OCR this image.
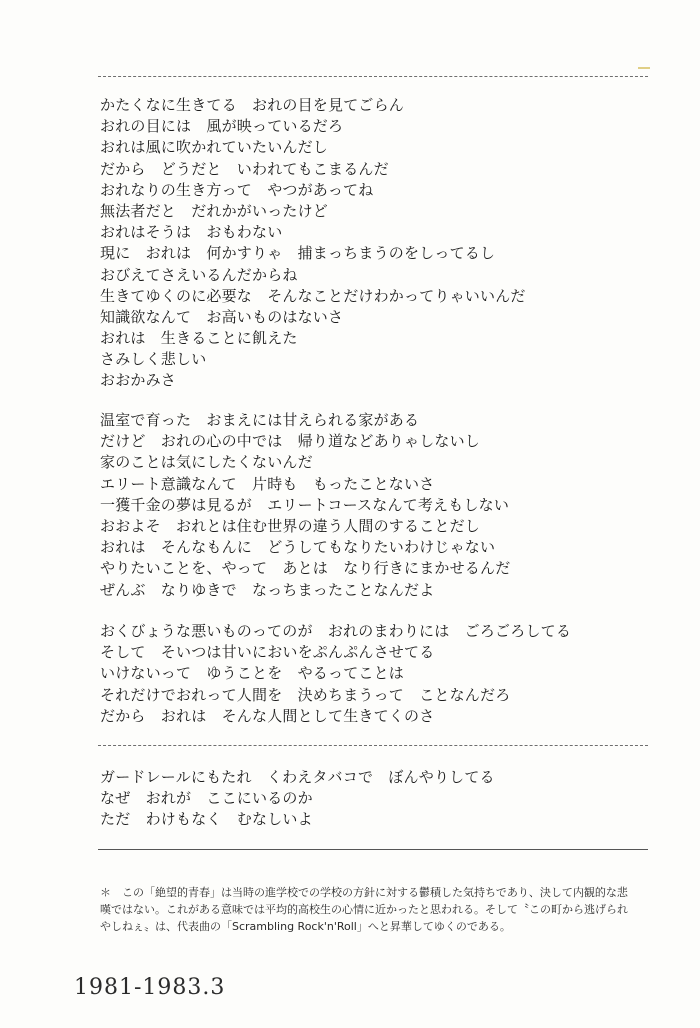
かたくなに生きてる　おれの目を見てごらん
おれの目には　風が映っているだろ
おれは風に吹かれていたいんだし
だから　どうだと　いわれてもこまるんだ
おれなりの生き方って　やつがあってね
無法者だと　だれかがいったけど
おれはそうは　おもわない
現に　おれは　何かすりゃ　捕まっちまうのをしってるし
おびえてさえいるんだからね
生きてゆくのに必要な　そんなことだけわかってりゃいいんだ
知識欲なんて　お高いものはないさ
おれは　生きることに飢えた
さみしく悲しい
おおかみさ
温室で育った　おまえには甘えられる家がある
だけど　おれの心の中では　帰り道などありゃしないし
家のことは気にしたくないんだ
エリート意識なんて　片時も　もったことないさ
一獲千金の夢は見るが　エリートコースなんて考えもしない
おおよそ　おれとは住む世界の違う人間のすることだし
おれは　そんなもんに　どうしてもなりたいわけじゃない
やりたいことを、やって　あとは　なり行きにまかせるんだ
ぜんぶ　なりゆきで　なっちまったことなんだよ
おくびょうな悪いものってのが　おれのまわりには　ごろごろしてる
そして　そいつは甘いにおいをぷんぷんさせてる
いけないって　ゆうことを　やるってことは
それだけでおれって人間を　決めちまうって　ことなんだろ
だから　おれは　そんな人間として生きてくのさ
ガードレールにもたれ　くわえタバコで　ぼんやりしてる
なぜ　おれが　ここにいるのか
ただ　わけもなく　むなしいよ
＊　この「絶望的青春」は当時の進学校での学校の方針に対する鬱積した気持ちであり、決して内観的な悲
嘆ではない。これがある意味では平均的高校生の心情に近かったと思われる。そして〝この町から逃げられ
やしねぇ〟は、代表曲の「Scrambling Rock'n'Roll」へと昇華してゆくのである。
1981-1983.3
